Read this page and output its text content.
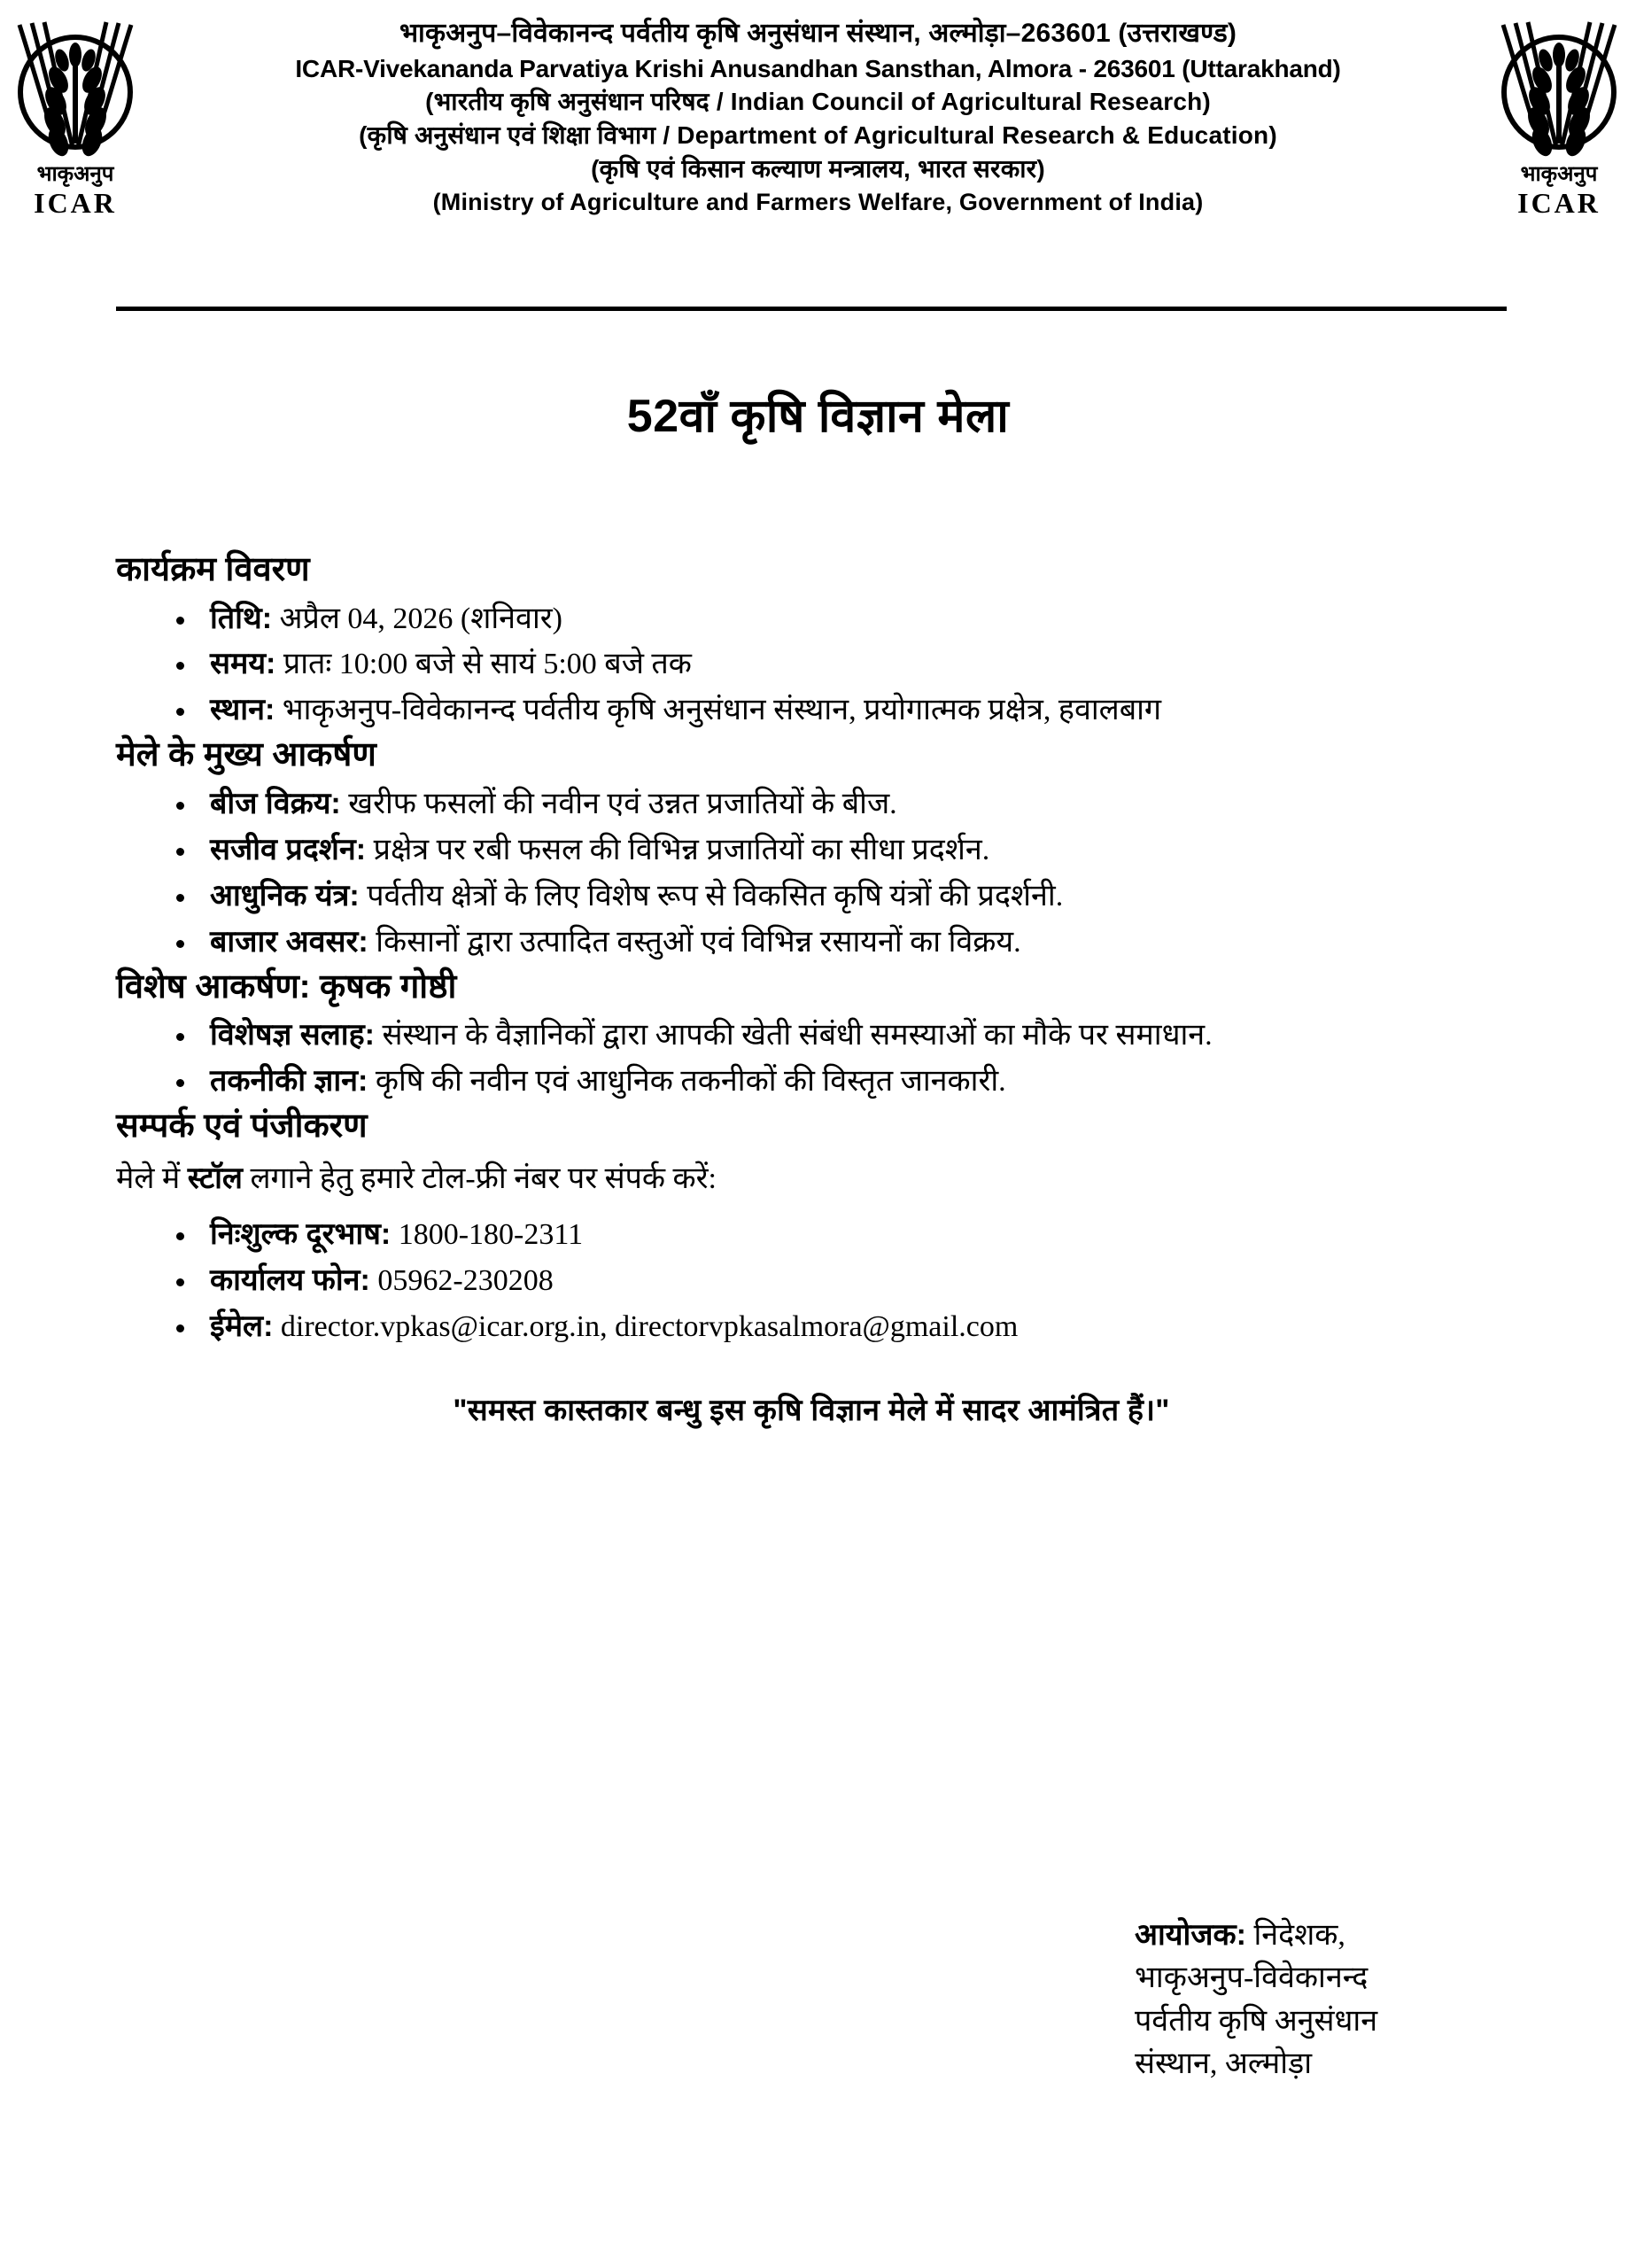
भाकृअनुप
ICAR
भाकृअनुप
ICAR
भाकृअनुप–विवेकानन्द पर्वतीय कृषि अनुसंधान संस्थान, अल्मोड़ा–263601 (उत्तराखण्ड)
ICAR-Vivekananda Parvatiya Krishi Anusandhan Sansthan, Almora - 263601 (Uttarakhand)
(भारतीय कृषि अनुसंधान परिषद / Indian Council of Agricultural Research)
(कृषि अनुसंधान एवं शिक्षा विभाग / Department of Agricultural Research & Education)
(कृषि एवं किसान कल्याण मन्त्रालय, भारत सरकार)
(Ministry of Agriculture and Farmers Welfare, Government of India)
52वाँ कृषि विज्ञान मेला
कार्यक्रम विवरण
तिथि: अप्रैल 04, 2026 (शनिवार)
समय: प्रातः 10:00 बजे से सायं 5:00 बजे तक
स्थान: भाकृअनुप-विवेकानन्द पर्वतीय कृषि अनुसंधान संस्थान, प्रयोगात्मक प्रक्षेत्र, हवालबाग
मेले के मुख्य आकर्षण
बीज विक्रय: खरीफ फसलों की नवीन एवं उन्नत प्रजातियों के बीज.
सजीव प्रदर्शन: प्रक्षेत्र पर रबी फसल की विभिन्न प्रजातियों का सीधा प्रदर्शन.
आधुनिक यंत्र: पर्वतीय क्षेत्रों के लिए विशेष रूप से विकसित कृषि यंत्रों की प्रदर्शनी.
बाजार अवसर: किसानों द्वारा उत्पादित वस्तुओं एवं विभिन्न रसायनों का विक्रय.
विशेष आकर्षण: कृषक गोष्ठी
विशेषज्ञ सलाह: संस्थान के वैज्ञानिकों द्वारा आपकी खेती संबंधी समस्याओं का मौके पर समाधान.
तकनीकी ज्ञान: कृषि की नवीन एवं आधुनिक तकनीकों की विस्तृत जानकारी.
सम्पर्क एवं पंजीकरण

मेले में स्टॉल लगाने हेतु हमारे टोल-फ्री नंबर पर संपर्क करें:

निःशुल्क दूरभाष: 1800-180-2311
कार्यालय फोन: 05962-230208
ईमेल: director.vpkas@icar.org.in, directorvpkasalmora@gmail.com
"समस्त कास्तकार बन्धु इस कृषि विज्ञान मेले में सादर आमंत्रित हैं।"
आयोजक: निदेशक,
भाकृअनुप-विवेकानन्द
पर्वतीय कृषि अनुसंधान
संस्थान, अल्मोड़ा
